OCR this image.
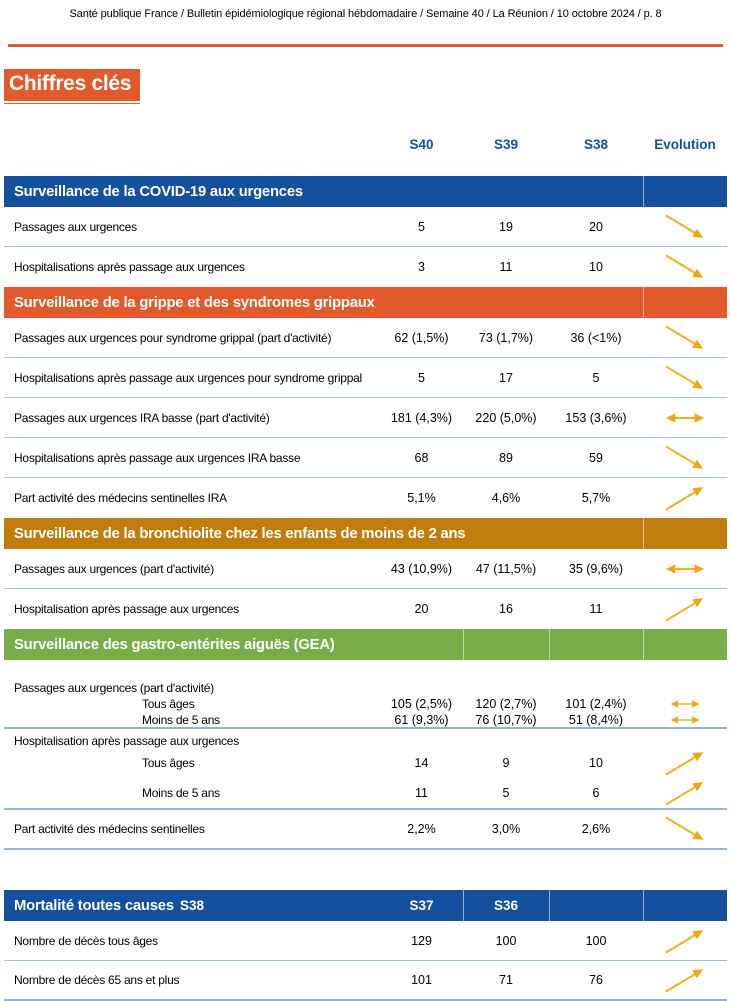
Santé publique France / Bulletin épidémiologique régional hébdomadaire / Semaine 40 / La Réunion / 10 octobre 2024 / p. 8
Chiffres clés
S40	S39	S38	Evolution
Surveillance de la COVID-19 aux urgences
Passages aux urgences	5	19	20
Hospitalisations après passage aux urgences	3	11	10
Surveillance de la grippe et des syndromes grippaux
Passages aux urgences pour syndrome grippal (part d'activité)	62 (1,5%)	73 (1,7%)	36 (<1%)
Hospitalisations après passage aux urgences pour syndrome grippal	5	17	5
Passages aux urgences IRA basse (part d'activité)	181 (4,3%)	220 (5,0%)	153 (3,6%)
Hospitalisations après passage aux urgences IRA basse	68	89	59
Part activité des médecins sentinelles IRA	5,1%	4,6%	5,7%
Surveillance de la bronchiolite chez les enfants de moins de 2 ans
Passages aux urgences (part d'activité)	43 (10,9%)	47 (11,5%)	35 (9,6%)
Hospitalisation après passage aux urgences	20	16	11
Surveillance des gastro-entérites aiguës (GEA)
Passages aux urgences (part d'activité)
Tous âges	105 (2,5%)	120 (2,7%)	101 (2,4%)
Moins de 5 ans	61 (9,3%)	76 (10,7%)	51 (8,4%)
Hospitalisation après passage aux urgences
Tous âges	14	9	10
Moins de 5 ans	11	5	6
Part activité des médecins sentinelles	2,2%	3,0%	2,6%
Mortalité toutes causes S38	S37	S36
Nombre de décès tous âges	129	100	100
Nombre de décès 65 ans et plus	101	71	76
